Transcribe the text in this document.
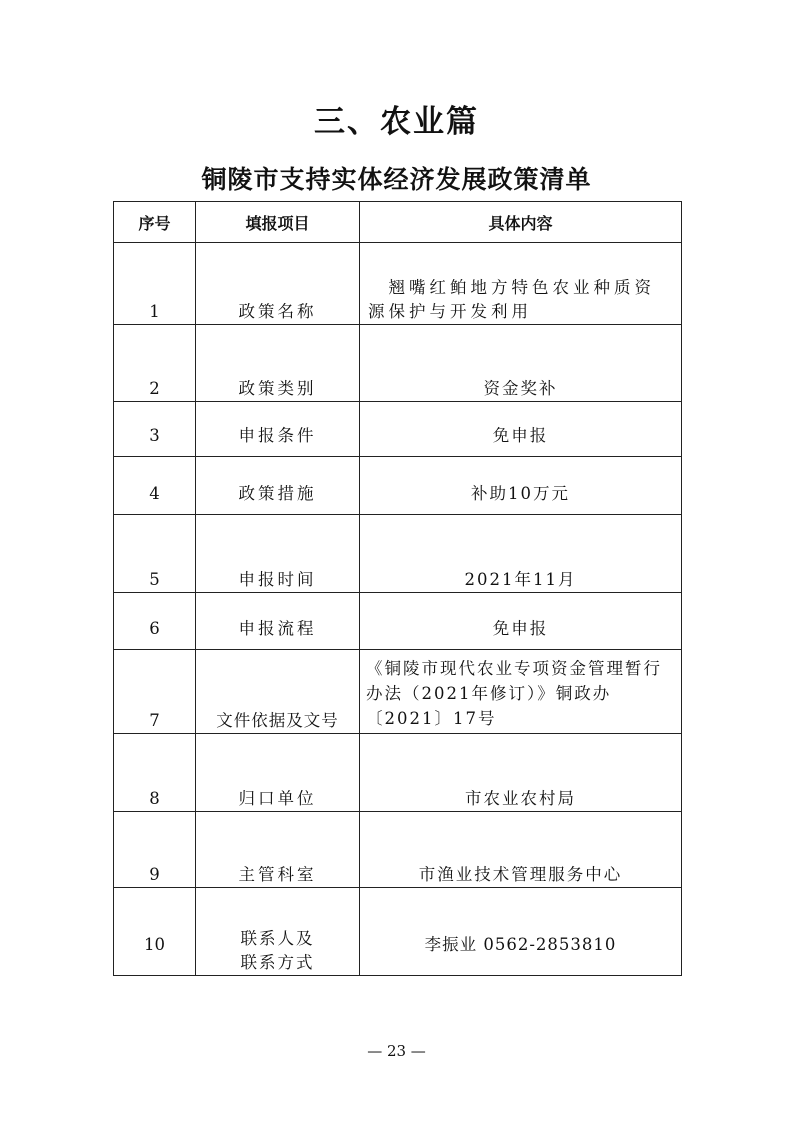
三、农业篇
铜陵市支持实体经济发展政策清单
序号	填报项目	具体内容

1	政策名称	　翘嘴红鲌地方特色农业种质资源保护与开发利用

2	政策类别	资金奖补

3	申报条件	免申报

4	政策措施	补助10万元

5	申报时间	2021年11月

6	申报流程	免申报

7	文件依据及文号	《铜陵市现代农业专项资金管理暂行办法（2021年修订）》铜政办〔2021〕17号

8	归口单位	市农业农村局

9	主管科室	市渔业技术管理服务中心

10	联系人及联系方式	李振业 0562-2853810
— 23 —
